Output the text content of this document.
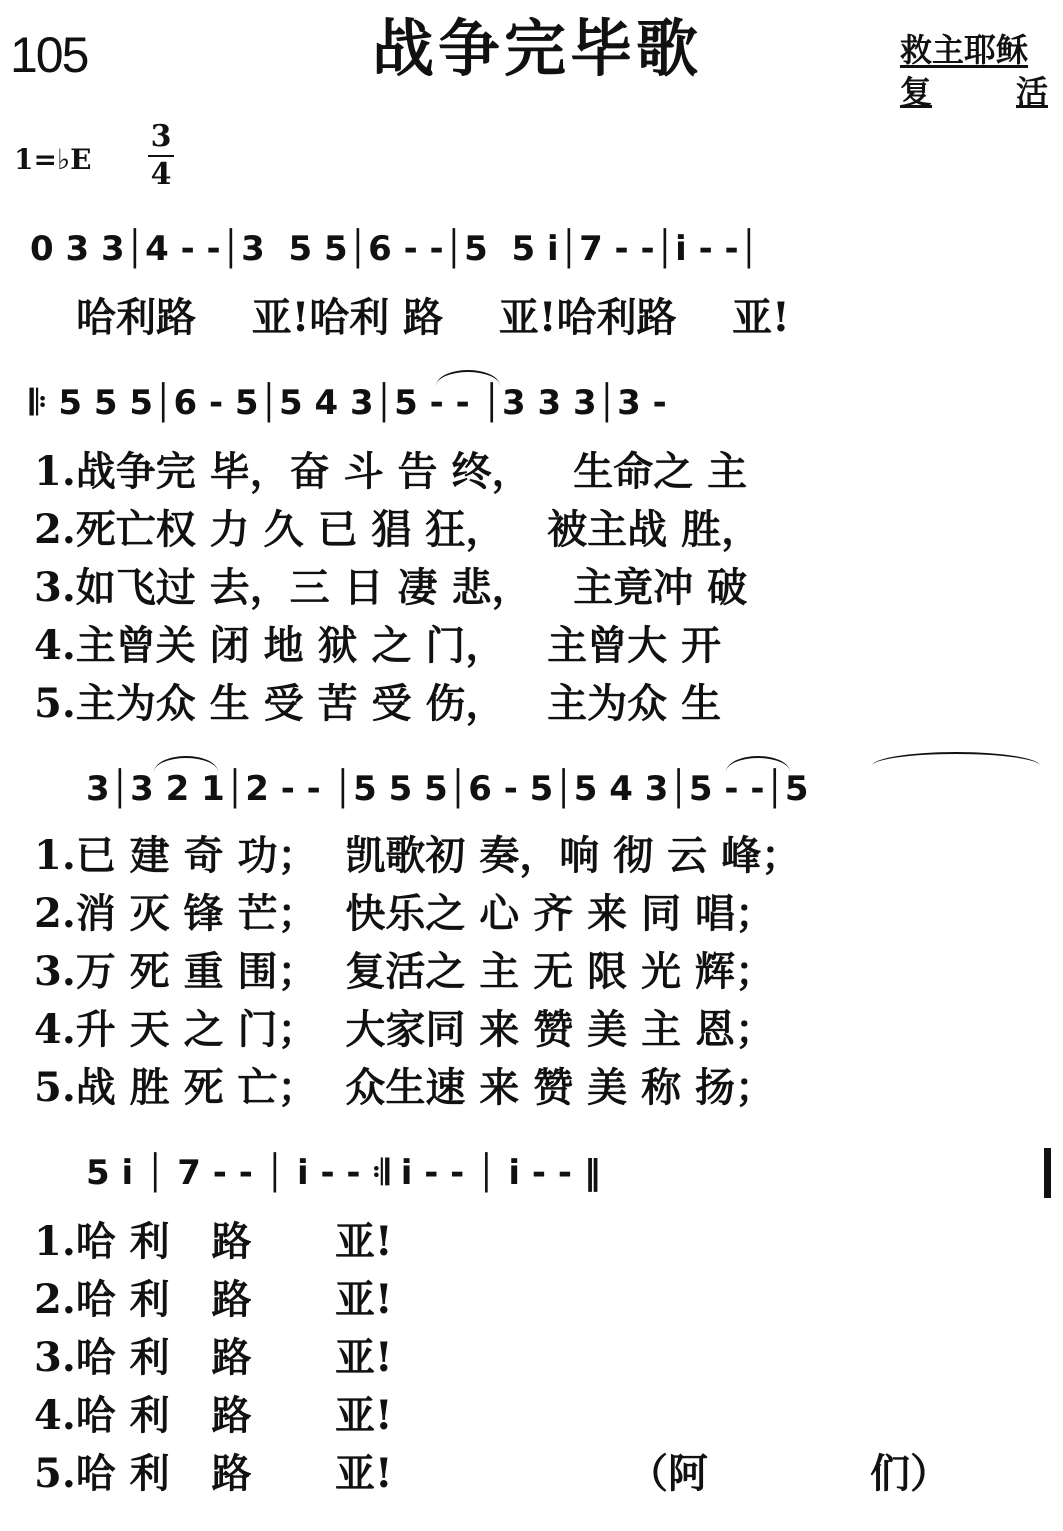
105	战争完毕歌	救主耶稣
复	活
1=♭E
3
4
0 3 3│4 - -│3  5 5│6 - -│5  5 i̇│7 - -│i̇ - -│
哈利路    亚!哈利 路    亚!哈利路    亚!
𝄆 5 5 5│6 - 5│5 4 3│5 - - │3 3 3│3 -
1.战争完 毕，奋 斗 告 终，   生命之 主
2.死亡权 力 久 已 猖 狂，   被主战 胜，
3.如飞过 去，三 日 凄 悲，   主竟冲 破
4.主曾关 闭 地 狱 之 门，   主曾大 开
5.主为众 生 受 苦 受 伤，   主为众 生
3│3 2 1│2 - - │5 5 5│6 - 5│5 4 3│5 - -│5
1.已 建 奇 功；  凯歌初 奏，响 彻 云 峰；
2.消 灭 锋 芒；  快乐之 心 齐 来 同 唱；
3.万 死 重 围；  复活之 主 无 限 光 辉；
4.升 天 之 门；  大家同 来 赞 美 主 恩；
5.战 胜 死 亡；  众生速 来 赞 美 称 扬；
5 i̇ │ 7 - - │ i̇ - - 𝄇 i̇ - - │ i̇ - - ‖
1.哈 利   路      亚!
2.哈 利   路      亚!
3.哈 利   路      亚!
4.哈 利   路      亚!
5.哈 利   路      亚!	（阿	们）
